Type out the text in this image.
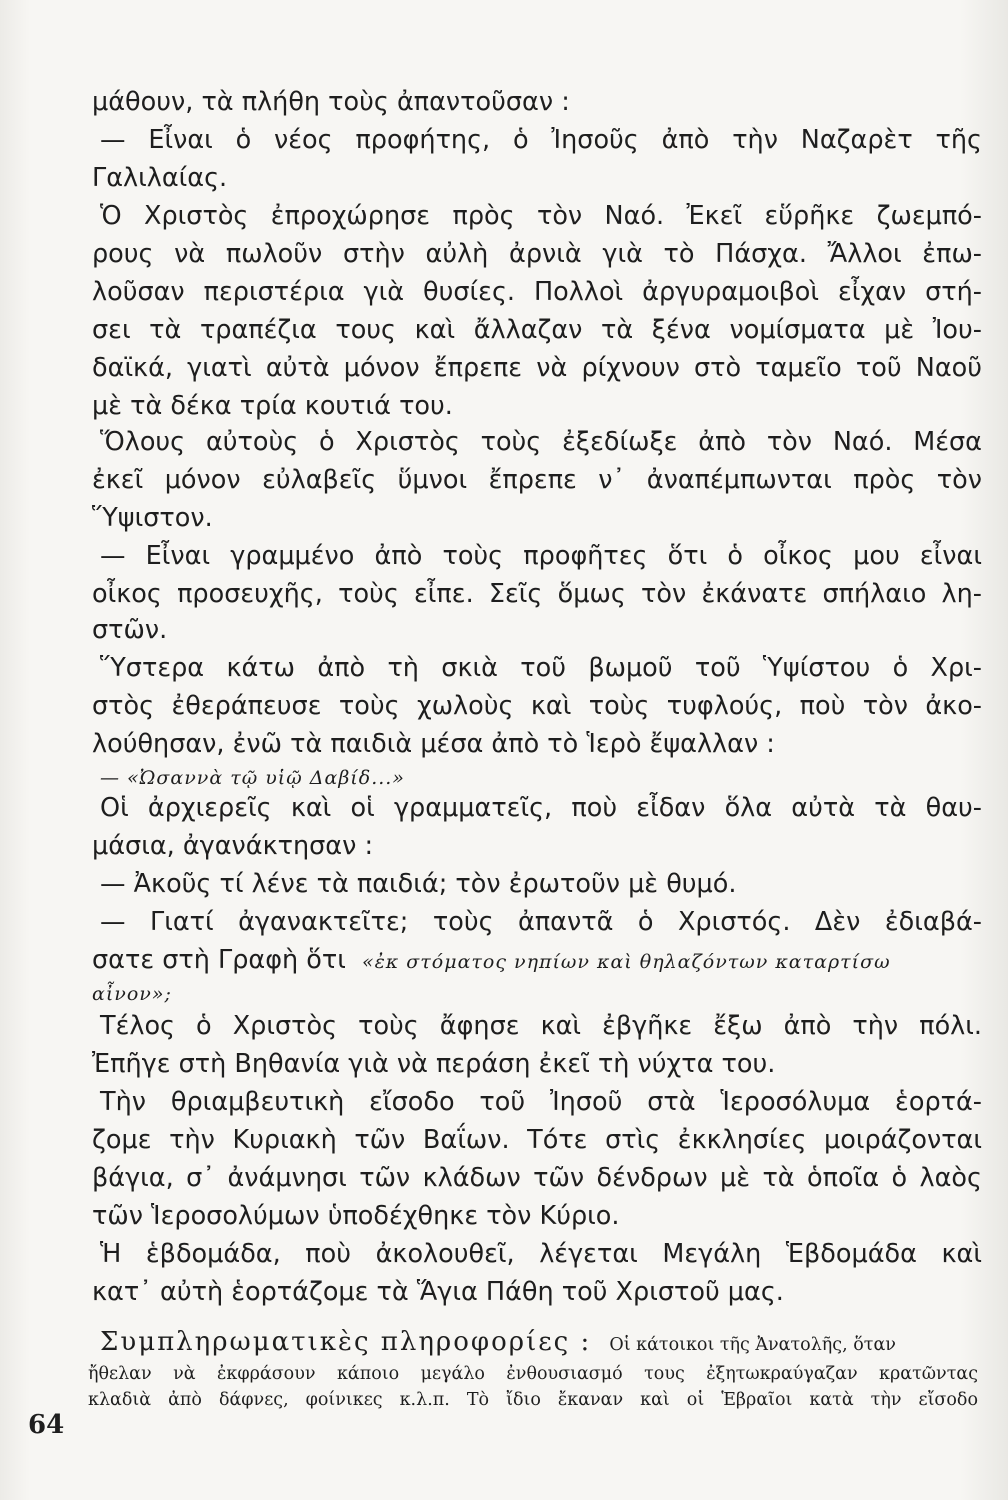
μάθουν, τὰ πλήθη τοὺς ἀπαντοῦσαν :
— Εἶναι ὁ νέος προφήτης, ὁ Ἰησοῦς ἀπὸ τὴν Ναζαρὲτ τῆς
Γαλιλαίας.
Ὁ Χριστὸς ἐπροχώρησε πρὸς τὸν Ναό. Ἐκεῖ εὕρῆκε ζωεμπό-
ρους νὰ πωλοῦν στὴν αὐλὴ ἀρνιὰ γιὰ τὸ Πάσχα. Ἄλλοι ἐπω-
λοῦσαν περιστέρια γιὰ θυσίες. Πολλοὶ ἀργυραμοιβοὶ εἶχαν στή-
σει τὰ τραπέζια τους καὶ ἄλλαζαν τὰ ξένα νομίσματα μὲ Ἰου-
δαϊκά, γιατὶ αὐτὰ μόνον ἔπρεπε νὰ ρίχνουν στὸ ταμεῖο τοῦ Ναοῦ
μὲ τὰ δέκα τρία κουτιά του.
Ὅλους αὐτοὺς ὁ Χριστὸς τοὺς ἐξεδίωξε ἀπὸ τὸν Ναό. Μέσα
ἐκεῖ μόνον εὐλαβεῖς ὕμνοι ἔπρεπε ν᾿ ἀναπέμπωνται πρὸς τὸν
Ὕψιστον.
— Εἶναι γραμμένο ἀπὸ τοὺς προφῆτες ὅτι ὁ οἶκος μου εἶναι
οἶκος προσευχῆς, τοὺς εἶπε. Σεῖς ὅμως τὸν ἐκάνατε σπήλαιο λη-
στῶν.
Ὕστερα κάτω ἀπὸ τὴ σκιὰ τοῦ βωμοῦ τοῦ Ὑψίστου ὁ Χρι-
στὸς ἐθεράπευσε τοὺς χωλοὺς καὶ τοὺς τυφλούς, ποὺ τὸν ἀκο-
λούθησαν, ἐνῶ τὰ παιδιὰ μέσα ἀπὸ τὸ Ἱερὸ ἔψαλλαν :
— «Ὠσαννὰ τῷ υἱῷ Δαβίδ...»
Οἱ ἀρχιερεῖς καὶ οἱ γραμματεῖς, ποὺ εἶδαν ὅλα αὐτὰ τὰ θαυ-
μάσια, ἀγανάκτησαν :
— Ἀκοῦς τί λένε τὰ παιδιά; τὸν ἐρωτοῦν μὲ θυμό.
— Γιατί ἀγανακτεῖτε; τοὺς ἀπαντᾶ ὁ Χριστός. Δὲν ἐδιαβά-
σατε στὴ Γραφὴ ὅτι «ἐκ στόματος νηπίων καὶ θηλαζόντων καταρτίσω
αἶνον»;
Τέλος ὁ Χριστὸς τοὺς ἄφησε καὶ ἐβγῆκε ἔξω ἀπὸ τὴν πόλι.
Ἐπῆγε στὴ Βηθανία γιὰ νὰ περάση ἐκεῖ τὴ νύχτα του.
Τὴν θριαμβευτικὴ εἴσοδο τοῦ Ἰησοῦ στὰ Ἱεροσόλυμα ἑορτά-
ζομε τὴν Κυριακὴ τῶν Βαΐων. Τότε στὶς ἐκκλησίες μοιράζονται
βάγια, σ᾿ ἀνάμνησι τῶν κλάδων τῶν δένδρων μὲ τὰ ὁποῖα ὁ λαὸς
τῶν Ἱεροσολύμων ὑποδέχθηκε τὸν Κύριο.
Ἡ ἑβδομάδα, ποὺ ἀκολουθεῖ, λέγεται Μεγάλη Ἑβδομάδα καὶ
κατ᾿ αὐτὴ ἑορτάζομε τὰ Ἅγια Πάθη τοῦ Χριστοῦ μας.
Συμπληρωματικὲς πληροφορίες : Οἱ κάτοικοι τῆς Ἀνατολῆς, ὅταν
ἤθελαν νὰ ἐκφράσουν κάποιο μεγάλο ἐνθουσιασμό τους ἐξητωκραύγαζαν κρατῶντας
κλαδιὰ ἀπὸ δάφνες, φοίνικες κ.λ.π. Τὸ ἴδιο ἔκαναν καὶ οἱ Ἑβραῖοι κατὰ τὴν εἴσοδο
64
